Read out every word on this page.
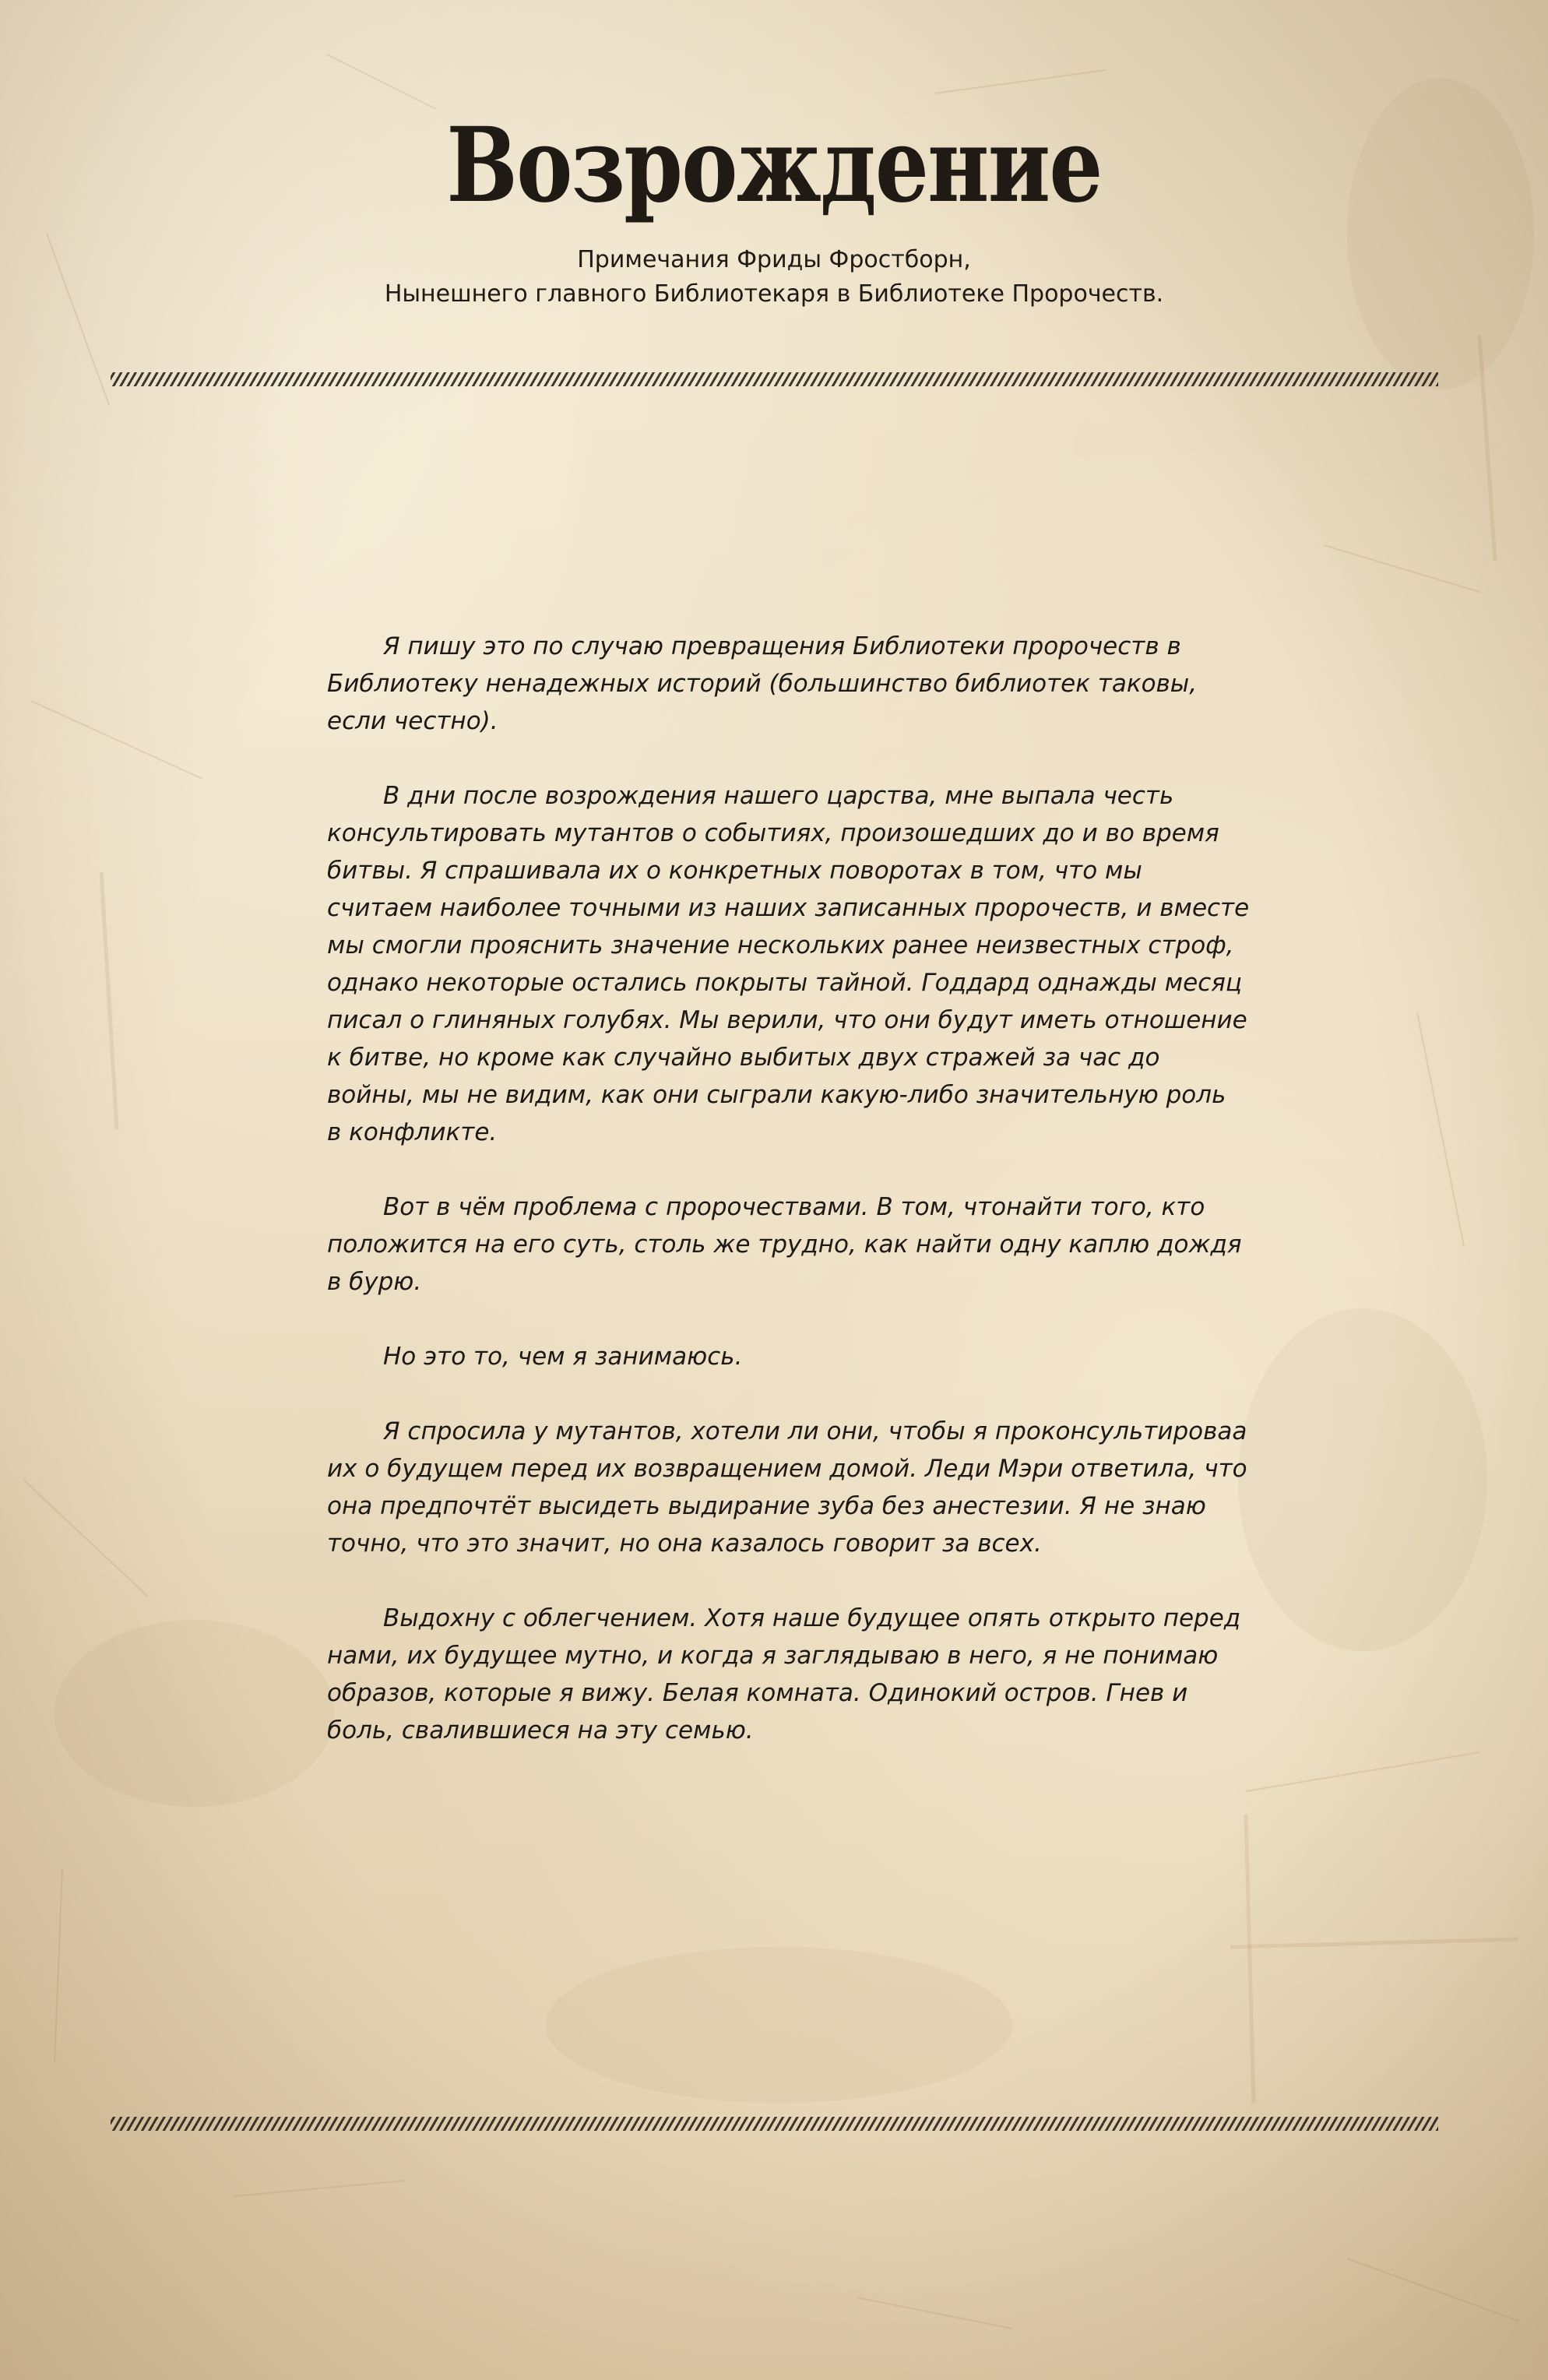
Возрождение
Примечания Фриды Фростборн,
Нынешнего главного Библиотекаря в Библиотеке Пророчеств.
Я пишу это по случаю превращения Библиотеки пророчеств в
Библиотеку ненадежных историй (большинство библиотек таковы,
если честно).
В дни после возрождения нашего царства, мне выпала честь
консультировать мутантов о событиях, произошедших до и во время
битвы. Я спрашивала их о конкретных поворотах в том, что мы
считаем наиболее точными из наших записанных пророчеств, и вместе
мы смогли прояснить значение нескольких ранее неизвестных строф,
однако некоторые остались покрыты тайной. Годдард однажды месяц
писал о глиняных голубях. Мы верили, что они будут иметь отношение
к битве, но кроме как случайно выбитых двух стражей за час до
войны, мы не видим, как они сыграли какую-либо значительную роль
в конфликте.
Вот в чём проблема с пророчествами. В том, чтонайти того, кто
положится на его суть, столь же трудно, как найти одну каплю дождя
в бурю.
Но это то, чем я занимаюсь.
Я спросила у мутантов, хотели ли они, чтобы я проконсультироваа
их о будущем перед их возвращением домой. Леди Мэри ответила, что
она предпочтёт высидеть выдирание зуба без анестезии. Я не знаю
точно, что это значит, но она казалось говорит за всех.
Выдохну с облегчением. Хотя наше будущее опять открыто перед
нами, их будущее мутно, и когда я заглядываю в него, я не понимаю
образов, которые я вижу. Белая комната. Одинокий остров. Гнев и
боль, свалившиеся на эту семью.
